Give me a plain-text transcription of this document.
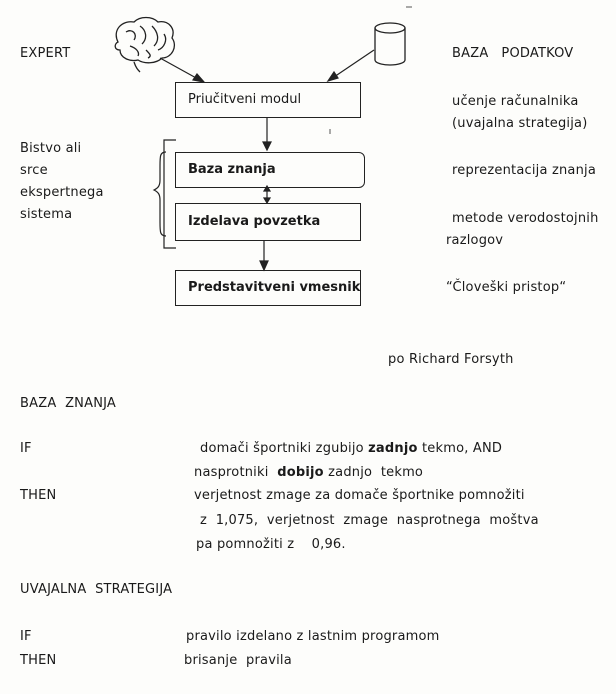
EXPERT	BAZA   PODATKOV
Priučitveni modul
Baza znanja
Izdelava povzetka
Predstavitveni vmesnik
učenje računalnika
(uvajalna strategija)
reprezentacija znanja
metode verodostojnih
razlogov
“Človeški pristop“
Bistvo ali
srce
ekspertnega
sistema
po Richard Forsyth
BAZA  ZNANJA
IF	domači športniki zgubijo zadnjo tekmo, AND
nasprotniki  dobijo zadnjo  tekmo
THEN	verjetnost zmage za domače športnike pomnožiti
z  1,075,  verjetnost  zmage  nasprotnega  moštva
pa pomnožiti z    0,96.
UVAJALNA  STRATEGIJA
IF	pravilo izdelano z lastnim programom
THEN	brisanje  pravila
